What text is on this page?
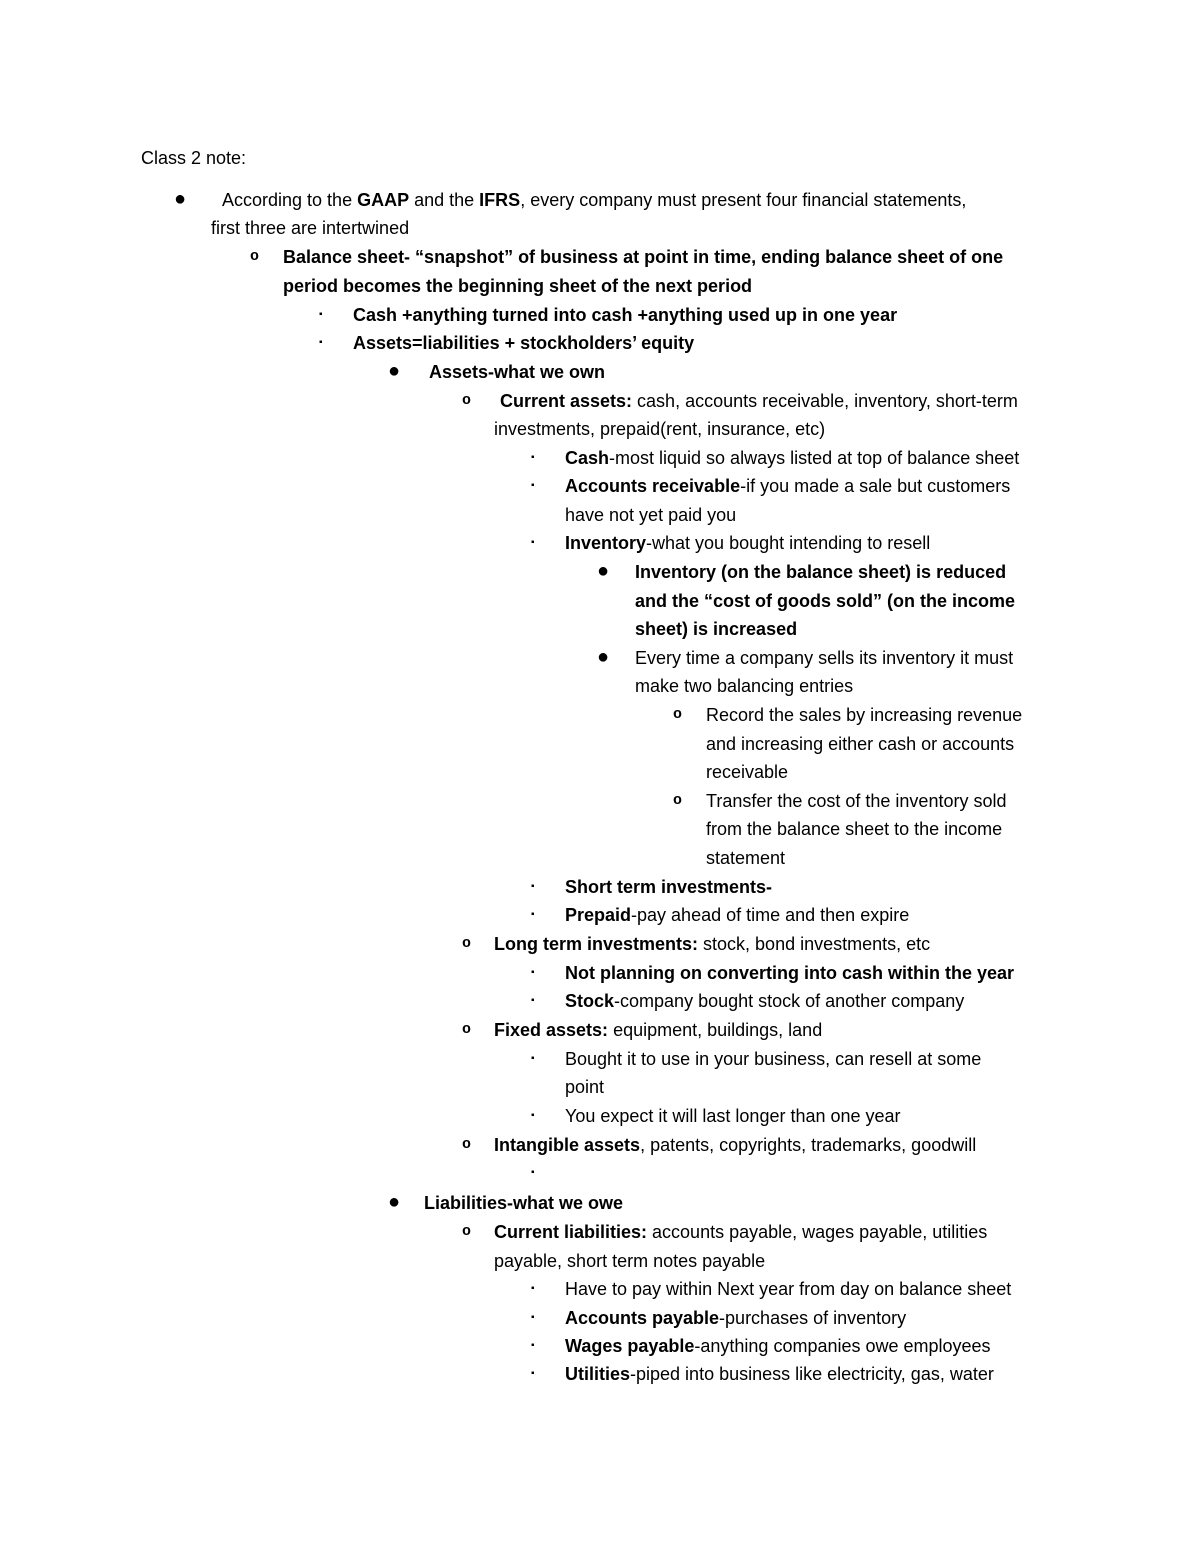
Class 2 note:
● According to the GAAP and the IFRS, every company must present four financial statements,
first three are intertwined
o Balance sheet- “snapshot” of business at point in time, ending balance sheet of one
period becomes the beginning sheet of the next period
▪ Cash +anything turned into cash +anything used up in one year
▪ Assets=liabilities + stockholders’ equity
● Assets-what we own
o Current assets: cash, accounts receivable, inventory, short-term
investments, prepaid(rent, insurance, etc)
▪ Cash-most liquid so always listed at top of balance sheet
▪ Accounts receivable-if you made a sale but customers
have not yet paid you
▪ Inventory-what you bought intending to resell
● Inventory (on the balance sheet) is reduced
and the “cost of goods sold” (on the income
sheet) is increased
● Every time a company sells its inventory it must
make two balancing entries
o Record the sales by increasing revenue
and increasing either cash or accounts
receivable
o Transfer the cost of the inventory sold
from the balance sheet to the income
statement
▪ Short term investments-
▪ Prepaid-pay ahead of time and then expire
o Long term investments: stock, bond investments, etc
▪ Not planning on converting into cash within the year
▪ Stock-company bought stock of another company
o Fixed assets: equipment, buildings, land
▪ Bought it to use in your business, can resell at some
point
▪ You expect it will last longer than one year
o Intangible assets, patents, copyrights, trademarks, goodwill
▪
● Liabilities-what we owe
o Current liabilities: accounts payable, wages payable, utilities
payable, short term notes payable
▪ Have to pay within Next year from day on balance sheet
▪ Accounts payable-purchases of inventory
▪ Wages payable-anything companies owe employees
▪ Utilities-piped into business like electricity, gas, water
